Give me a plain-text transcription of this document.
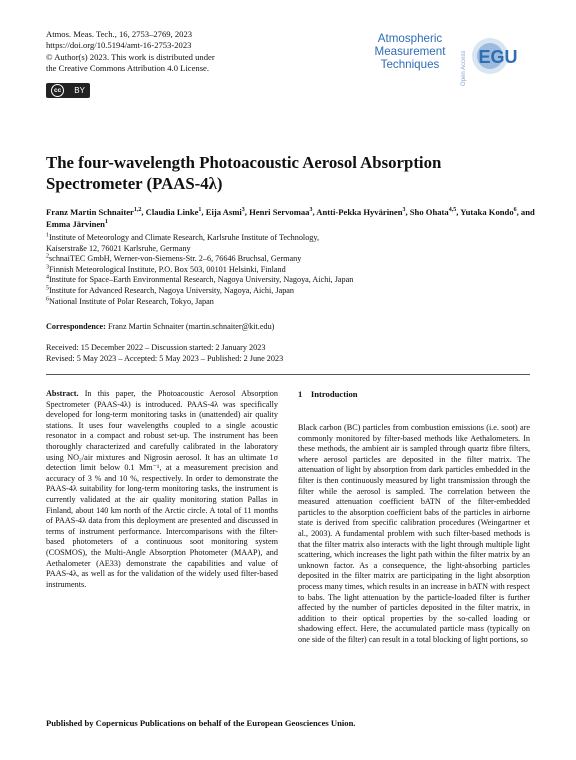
Atmos. Meas. Tech., 16, 2753–2769, 2023
https://doi.org/10.5194/amt-16-2753-2023
© Author(s) 2023. This work is distributed under
the Creative Commons Attribution 4.0 License.
cc	BY
Atmospheric
Measurement
Techniques	Open Access EGU
The four-wavelength Photoacoustic Aerosol Absorption Spectrometer (PAAS-4λ)
Franz Martin Schnaiter$^{1,2}$, Claudia Linke$^1$, Eija Asmi$^3$, Henri Servomaa$^3$, Antti-Pekka Hyvärinen$^3$, Sho Ohata$^{4,5}$, Yutaka Kondo$^6$, and Emma Järvinen$^1$
$^1$Institute of Meteorology and Climate Research, Karlsruhe Institute of Technology,
Kaiserstraße 12, 76021 Karlsruhe, Germany
$^2$schnaiTEC GmbH, Werner-von-Siemens-Str. 2–6, 76646 Bruchsal, Germany
$^3$Finnish Meteorological Institute, P.O. Box 503, 00101 Helsinki, Finland
$^4$Institute for Space–Earth Environmental Research, Nagoya University, Nagoya, Aichi, Japan
$^5$Institute for Advanced Research, Nagoya University, Nagoya, Aichi, Japan
$^6$National Institute of Polar Research, Tokyo, Japan
Correspondence: Franz Martin Schnaiter (martin.schnaiter@kit.edu)
Received: 15 December 2022 – Discussion started: 2 January 2023
Revised: 5 May 2023 – Accepted: 5 May 2023 – Published: 2 June 2023
Abstract. In this paper, the Photoacoustic Aerosol Absorption Spectrometer (PAAS-4λ) is introduced. PAAS-4λ was specifically developed for long-term monitoring tasks in (unattended) air quality stations. It uses four wavelengths coupled to a single acoustic resonator in a compact and robust set-up. The instrument has been thoroughly characterized and carefully calibrated in the laboratory using NO₂/air mixtures and Nigrosin aerosol. It has an ultimate 1σ detection limit below 0.1 Mm⁻¹, at a measurement precision and accuracy of 3 % and 10 %, respectively. In order to demonstrate the PAAS-4λ suitability for long-term monitoring tasks, the instrument is currently validated at the air quality monitoring station Pallas in Finland, about 140 km north of the Arctic circle. A total of 11 months of PAAS-4λ data from this deployment are presented and discussed in terms of instrument performance. Intercomparisons with the filter-based photometers of a continuous soot monitoring system (COSMOS), the Multi-Angle Absorption Photometer (MAAP), and Aethalometer (AE33) demonstrate the capabilities and value of PAAS-4λ, as well as for the validation of the widely used filter-based instruments.
1 Introduction
Black carbon (BC) particles from combustion emissions (i.e. soot) are commonly monitored by filter-based methods like Aethalometers. In these methods, the ambient air is sampled through quartz fibre filters, where aerosol particles are deposited in the filter matrix. The attenuation of light by absorption from dark particles embedded in the filter is then continuously measured by light transmission through the filter while the aerosol is sampled. The correlation between the measured attenuation coefficient bATN of the filter-embedded particles to the absorption coefficient babs of the particles in airborne state is derived from specific calibration procedures (Weingartner et al., 2003). A fundamental problem with such filter-based methods is that the filter matrix also interacts with the light through multiple light scattering, which increases the light path within the filter matrix by an unknown factor. As a consequence, the light-absorbing particles deposited in the filter matrix are participating in the light absorption process many times, which results in an increase in bATN with respect to babs. The light attenuation by the particle-loaded filter is further affected by the number of particles deposited in the filter matrix, in addition to their optical properties by the so-called loading or shadowing effect. Here, the accumulated particle mass (typically on one side of the filter) can result in a total blocking of light portions, so
Published by Copernicus Publications on behalf of the European Geosciences Union.
